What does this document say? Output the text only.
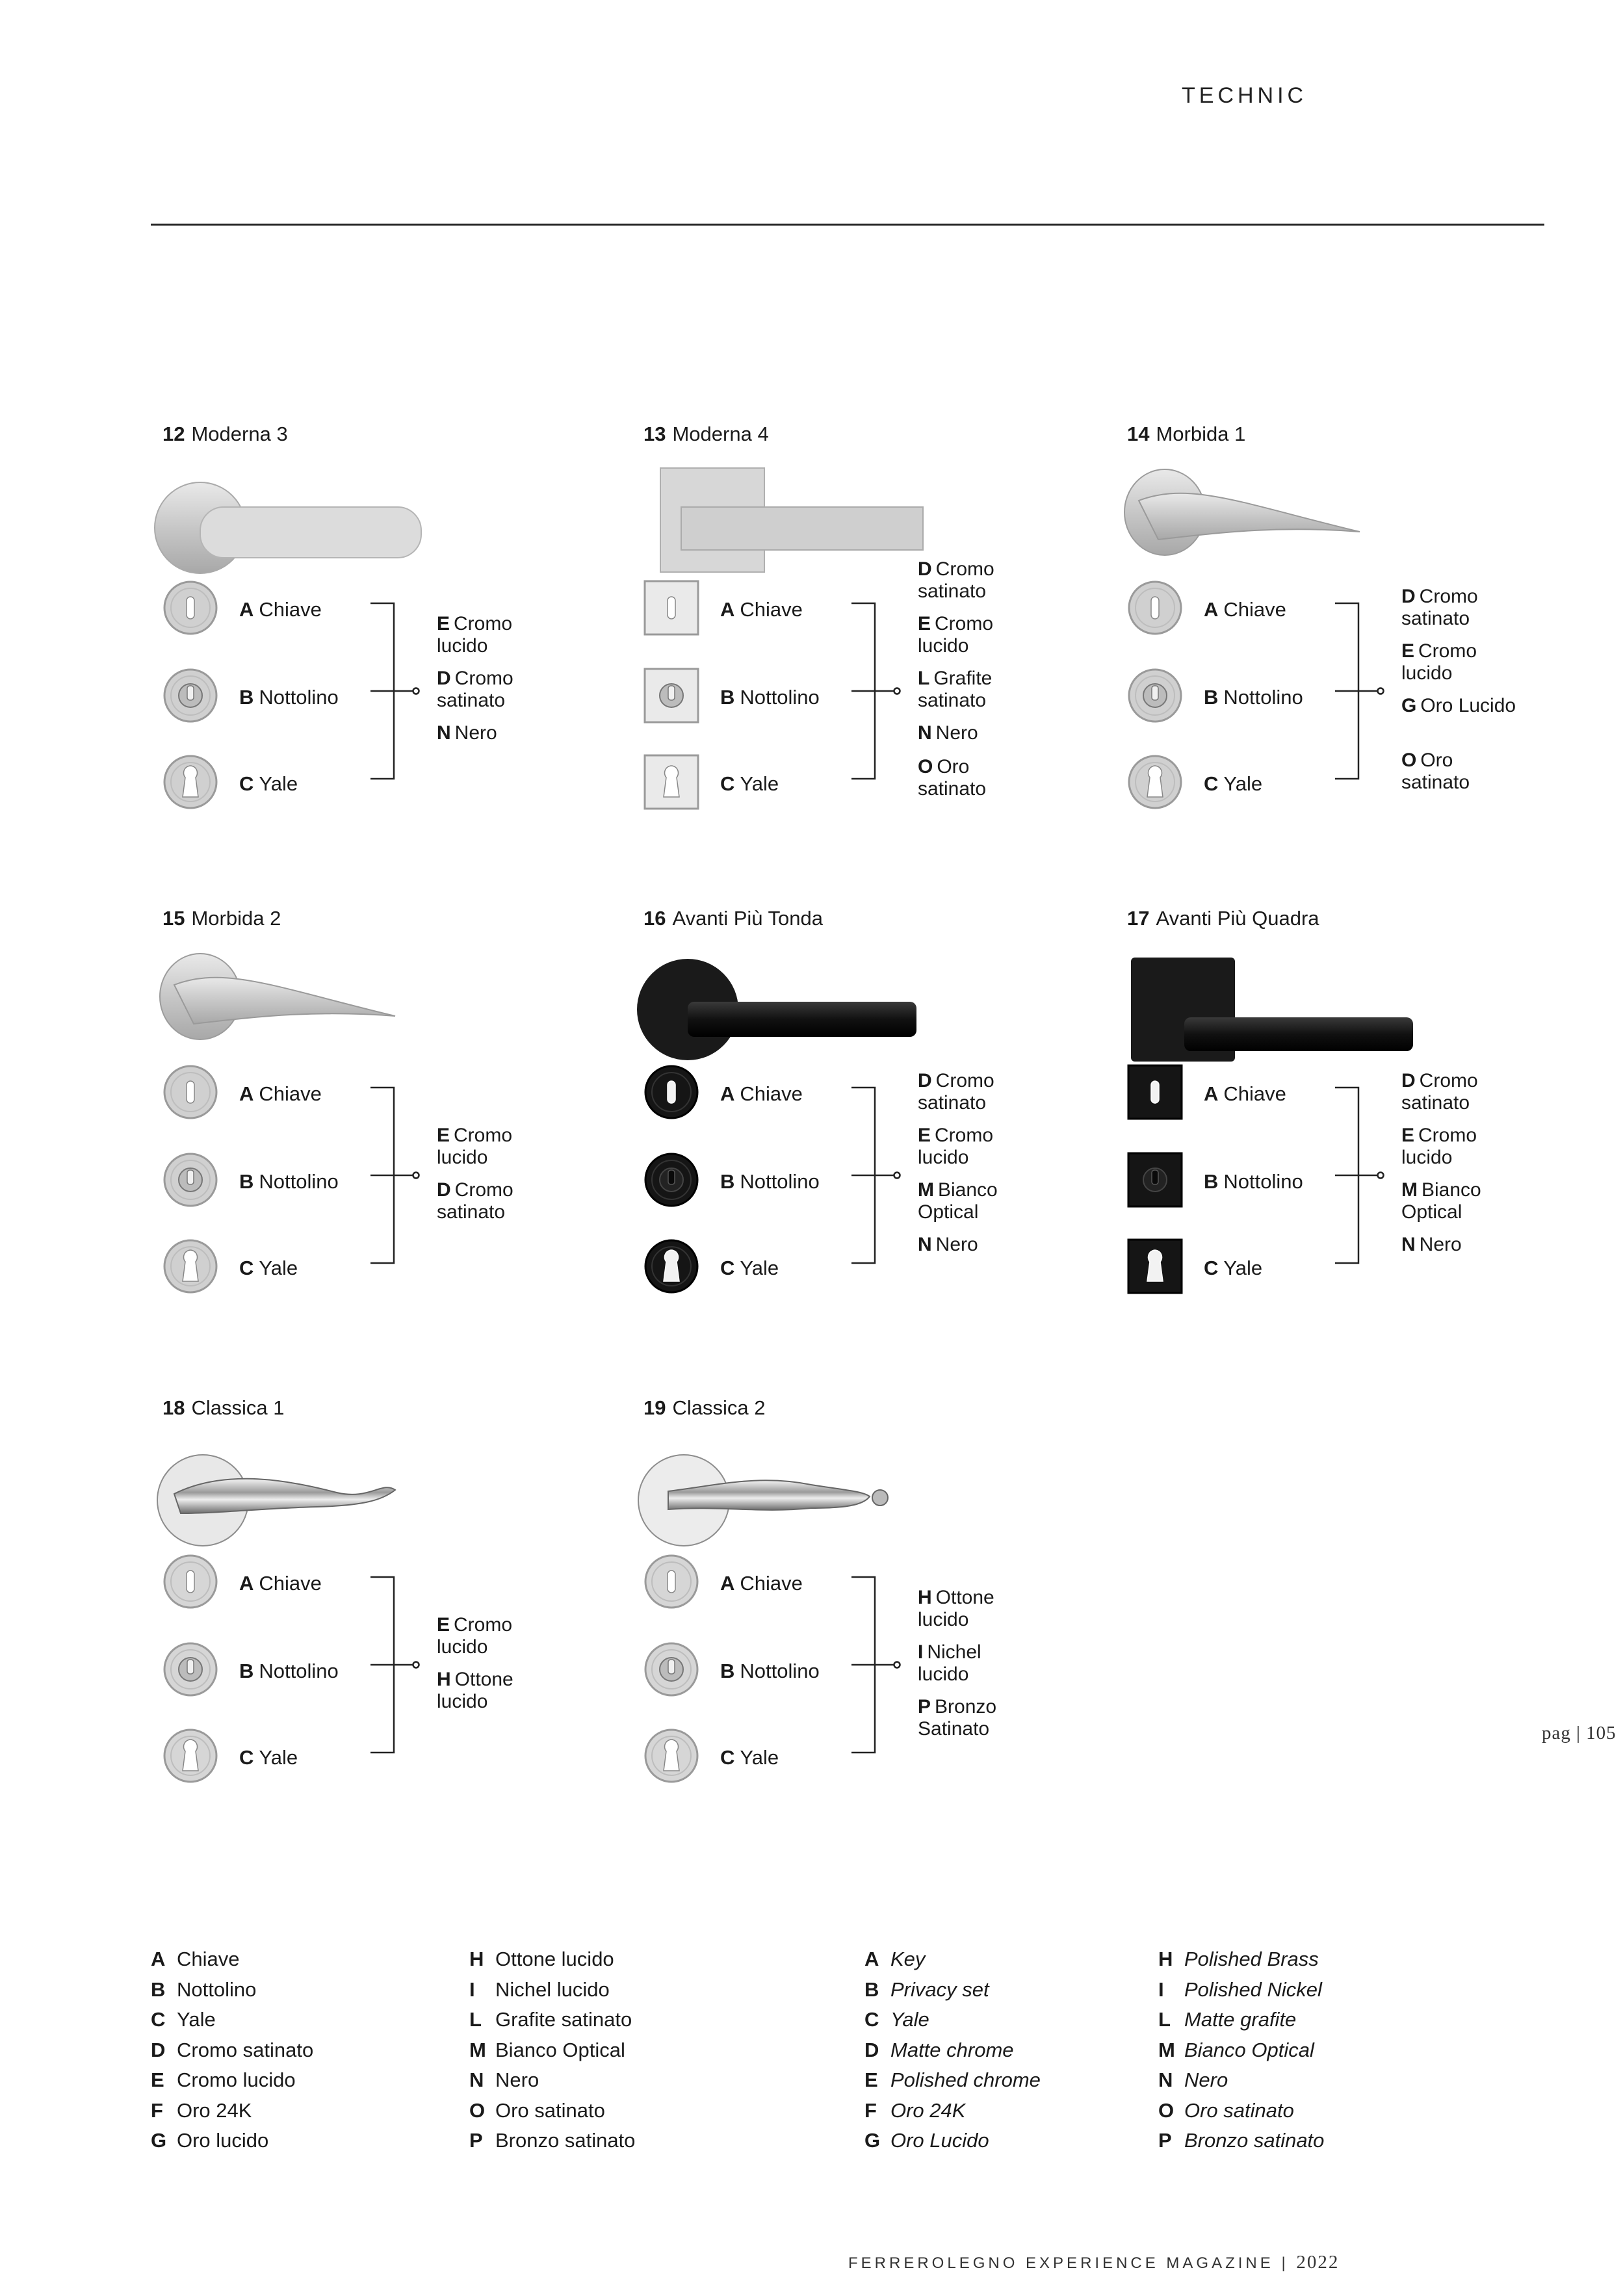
TECHNIC
12 Moderna 3
A Chiave
B Nottolino
C Yale
E Cromo lucido
D Cromo satinato
N Nero
13 Moderna 4
A Chiave
B Nottolino
C Yale
D Cromo satinato
E Cromo lucido
L Grafite satinato
N Nero
O Oro satinato
14 Morbida 1
A Chiave
B Nottolino
C Yale
D Cromo satinato
E Cromo lucido
G Oro Lucido
O Oro satinato
15 Morbida 2
A Chiave
B Nottolino
C Yale
E Cromo lucido
D Cromo satinato
16 Avanti Più Tonda
A Chiave
B Nottolino
C Yale
D Cromo satinato
E Cromo lucido
M Bianco Optical
N Nero
17 Avanti Più Quadra
A Chiave
B Nottolino
C Yale
D Cromo satinato
E Cromo lucido
M Bianco Optical
N Nero
18 Classica 1
A Chiave
B Nottolino
C Yale
E Cromo lucido
H Ottone lucido
19 Classica 2
A Chiave
B Nottolino
C Yale
H Ottone lucido
I Nichel lucido
P Bronzo Satinato
A Chiave
B Nottolino
C Yale
D Cromo satinato
E Cromo lucido
F Oro 24K
G Oro lucido
H Ottone lucido
I Nichel lucido
L Grafite satinato
M Bianco Optical
N Nero
O Oro satinato
P Bronzo satinato
A Key
B Privacy set
C Yale
D Matte chrome
E Polished chrome
F Oro 24K
G Oro Lucido
H Polished Brass
I Polished Nickel
L Matte grafite
M Bianco Optical
N Nero
O Oro satinato
P Bronzo satinato
pag | 105
FERREROLEGNO EXPERIENCE MAGAZINE | 2022
